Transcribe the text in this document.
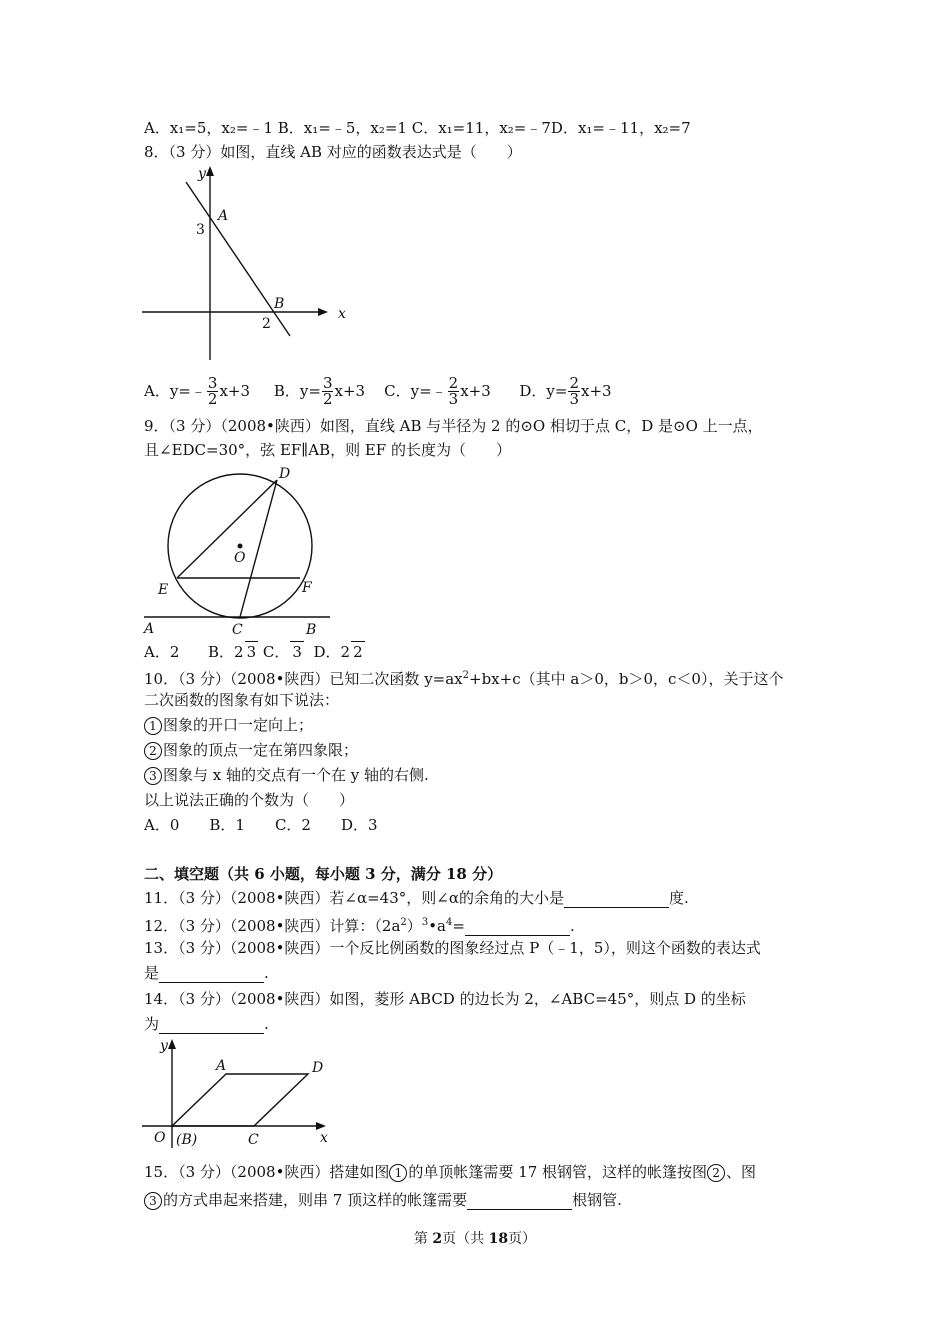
A．x₁=5，x₂=﹣1 B．x₁=﹣5，x₂=1 C．x₁=11，x₂=﹣7D．x₁=﹣11，x₂=7
8．（3 分）如图，直线 AB 对应的函数表达式是（　　）
y
x
A
3
B
2
A．y=﹣ $\frac{3}{2} x+3$ B．$y= \frac{3}{2} x+3$ C．y=﹣ $\frac{2}{3} x+3$ D．$y= \frac{2}{3} x+3$
9．（3 分）（2008•陕西）如图，直线 AB 与半径为 2 的⊙O 相切于点 C，D 是⊙O 上一点，
且∠EDC=30°，弦 EF∥AB，则 EF 的长度为（　　）
D
O
E	F
A	C	B
A．2 B．2 3 C． 3 D．2 2
10．（3 分）（2008•陕西）已知二次函数 $y=ax^2+bx+c$（其中 a＞0，b＞0，c＜0），关于这个
二次函数的图象有如下说法：
1 图象的开口一定向上；
2 图象的顶点一定在第四象限；
3 图象与 x 轴的交点有一个在 y 轴的右侧.
以上说法正确的个数为（　　）
A．0　　B．1　　C．2　　D．3
二、填空题（共 6 小题，每小题 3 分，满分 18 分）
11．（3 分）（2008•陕西）若∠α=43°，则∠α的余角的大小是	度.
12．（3 分）（2008•陕西）计算：$(2a^2)^3•a^4=$	.
13．（3 分）（2008•陕西）一个反比例函数的图象经过点 P（﹣1，5），则这个函数的表达式
是	.
14．（3 分）（2008•陕西）如图，菱形 ABCD 的边长为 2，∠ABC=45°，则点 D 的坐标
为	.
y
x
A	D
O (B)	C
15．（3 分）（2008•陕西）搭建如图 1 的单顶帐篷需要 17 根钢管，这样的帐篷按图 2 、图
3 的方式串起来搭建，则串 7 顶这样的帐篷需要	根钢管.
第 2页（共 18页）
